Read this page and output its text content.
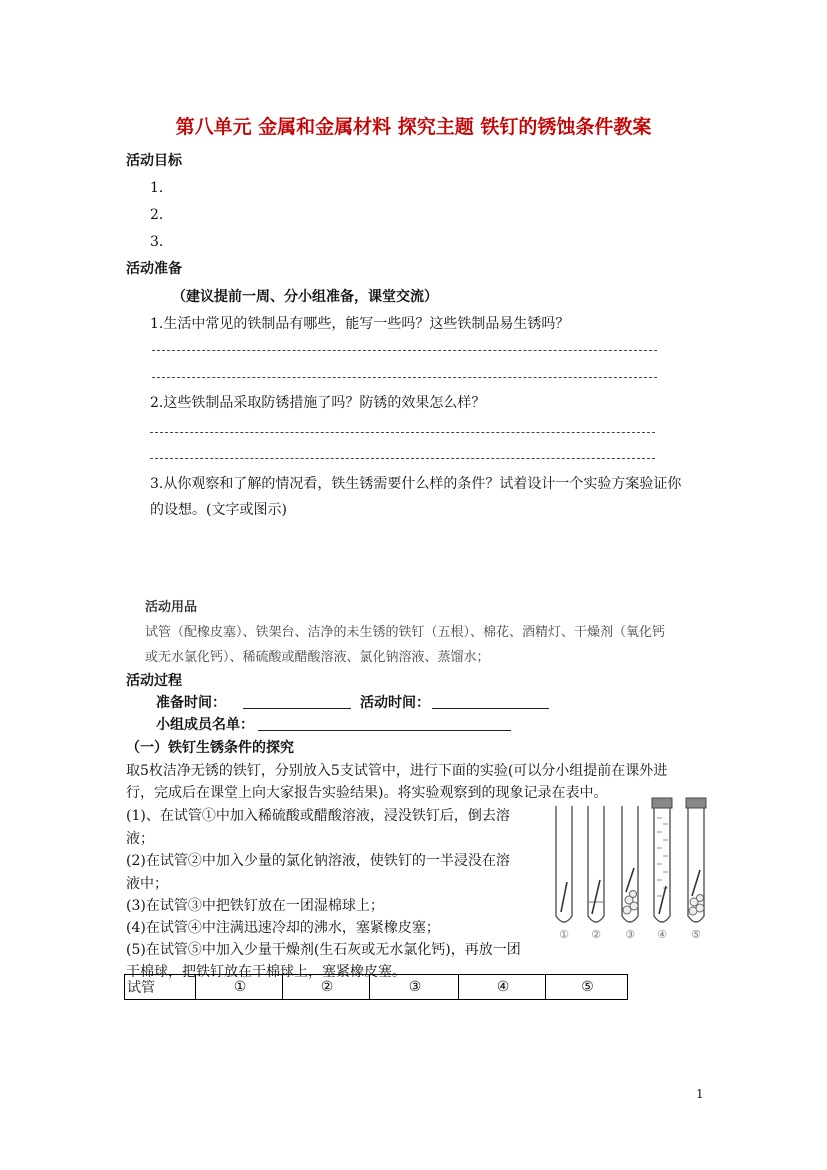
第八单元 金属和金属材料 探究主题 铁钉的锈蚀条件教案
活动目标
1．
2．
3．
活动准备
（建议提前一周、分小组准备，课堂交流）
1.生活中常见的铁制品有哪些，能写一些吗？这些铁制品易生锈吗？
2.这些铁制品采取防锈措施了吗？防锈的效果怎么样？
3.从你观察和了解的情况看，铁生锈需要什么样的条件？试着设计一个实验方案验证你
的设想。(文字或图示)
活动用品
试管（配橡皮塞）、铁架台、洁净的未生锈的铁钉（五根）、棉花、酒精灯、干燥剂（氧化钙
或无水氯化钙）、稀硫酸或醋酸溶液、氯化钠溶液、蒸馏水；
活动过程
准备时间：	活动时间：
小组成员名单：
（一）铁钉生锈条件的探究
取5枚洁净无锈的铁钉，分别放入5支试管中，进行下面的实验(可以分小组提前在课外进
行，完成后在课堂上向大家报告实验结果)。将实验观察到的现象记录在表中。
(1)、在试管①中加入稀硫酸或醋酸溶液，浸没铁钉后，倒去溶
液；
(2)在试管②中加入少量的氯化钠溶液，使铁钉的一半浸没在溶
液中；
(3)在试管③中把铁钉放在一团湿棉球上；
(4)在试管④中注满迅速冷却的沸水，塞紧橡皮塞；
(5)在试管⑤中加入少量干燥剂(生石灰或无水氯化钙)，再放一团
干棉球，把铁钉放在干棉球上，塞紧橡皮塞。
① ② ③ ④ ⑤
试管	①	②	③	④	⑤
1
